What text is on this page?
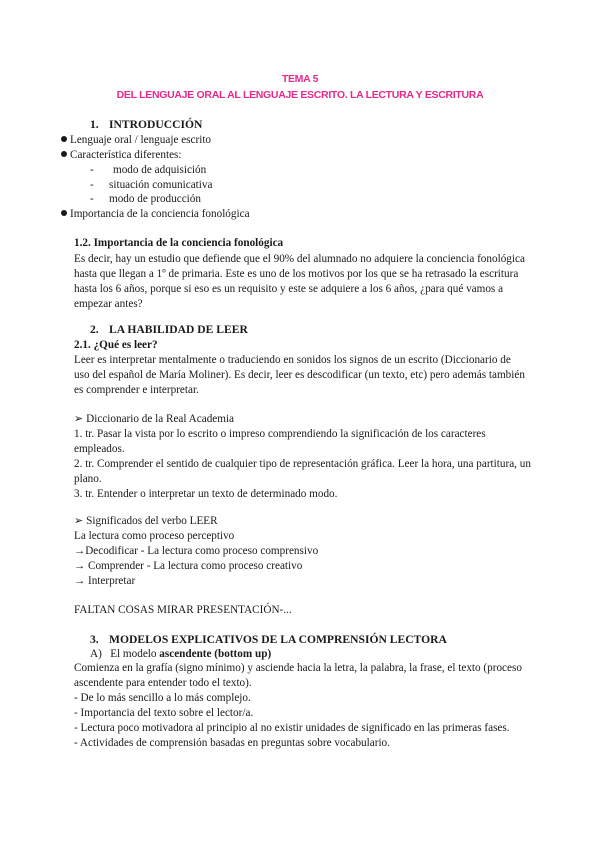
TEMA 5
DEL LENGUAJE ORAL AL LENGUAJE ESCRITO. LA LECTURA Y ESCRITURA
1. INTRODUCCIÓN
Lenguaje oral / lenguaje escrito
Característica diferentes:
- modo de adquisición
- situación comunicativa
- modo de producción
Importancia de la conciencia fonológica
1.2. Importancia de la conciencia fonológica
Es decir, hay un estudio que defiende que el 90% del alumnado no adquiere la conciencia fonológica
hasta que llegan a 1º de primaria. Este es uno de los motivos por los que se ha retrasado la escritura
hasta los 6 años, porque si eso es un requisito y este se adquiere a los 6 años, ¿para qué vamos a
empezar antes?
2. LA HABILIDAD DE LEER
2.1. ¿Qué es leer?
Leer es interpretar mentalmente o traduciendo en sonidos los signos de un escrito (Diccionario de
uso del español de María Moliner). Es decir, leer es descodificar (un texto, etc) pero además también
es comprender e interpretar.
➢ Diccionario de la Real Academia
1. tr. Pasar la vista por lo escrito o impreso comprendiendo la significación de los caracteres
empleados.
2. tr. Comprender el sentido de cualquier tipo de representación gráfica. Leer la hora, una partitura, un
plano.
3. tr. Entender o interpretar un texto de determinado modo.
➢ Significados del verbo LEER
La lectura como proceso perceptivo
→Decodificar - La lectura como proceso comprensivo
→ Comprender - La lectura como proceso creativo
→ Interpretar
FALTAN COSAS MIRAR PRESENTACIÓN-...
3. MODELOS EXPLICATIVOS DE LA COMPRENSIÓN LECTORA
A)   El modelo ascendente (bottom up)
Comienza en la grafía (signo mínimo) y asciende hacia la letra, la palabra, la frase, el texto (proceso
ascendente para entender todo el texto).
- De lo más sencillo a lo más complejo.
- Importancia del texto sobre el lector/a.
- Lectura poco motivadora al principio al no existir unidades de significado en las primeras fases.
- Actividades de comprensión basadas en preguntas sobre vocabulario.
